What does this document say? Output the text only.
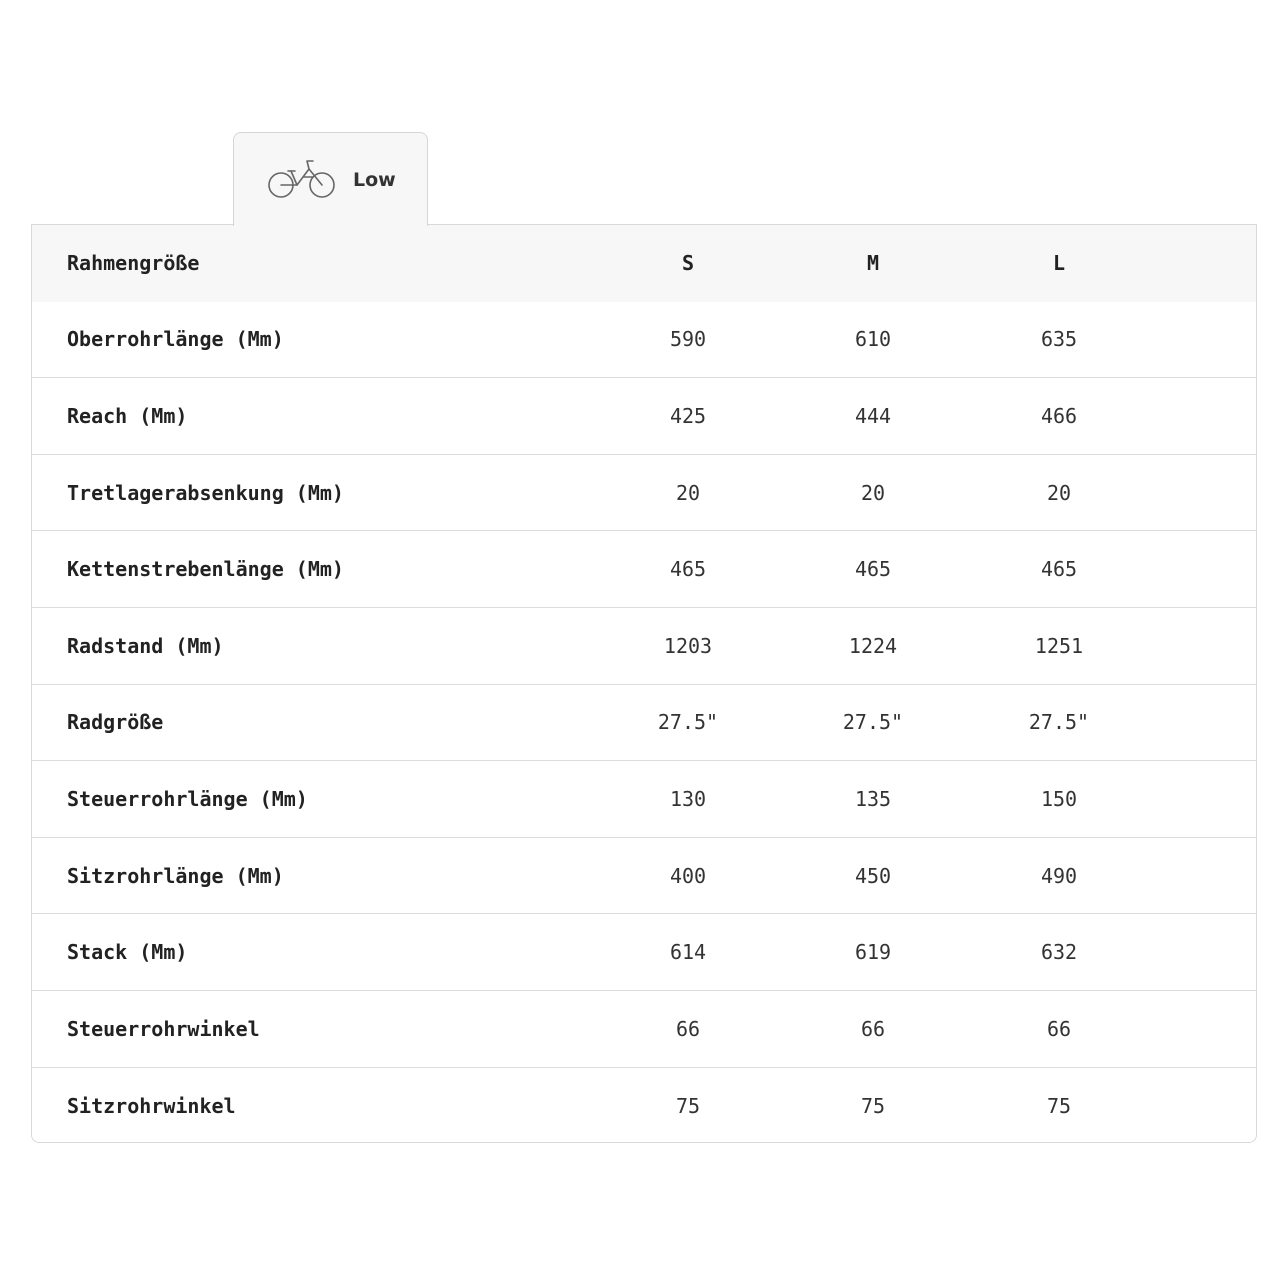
Low
Rahmengröße	S	M	L
Oberrohrlänge (Mm)	590	610	635
Reach (Mm)	425	444	466
Tretlagerabsenkung (Mm)	20	20	20
Kettenstrebenlänge (Mm)	465	465	465
Radstand (Mm)	1203	1224	1251
Radgröße	27.5"	27.5"	27.5"
Steuerrohrlänge (Mm)	130	135	150
Sitzrohrlänge (Mm)	400	450	490
Stack (Mm)	614	619	632
Steuerrohrwinkel	66	66	66
Sitzrohrwinkel	75	75	75
